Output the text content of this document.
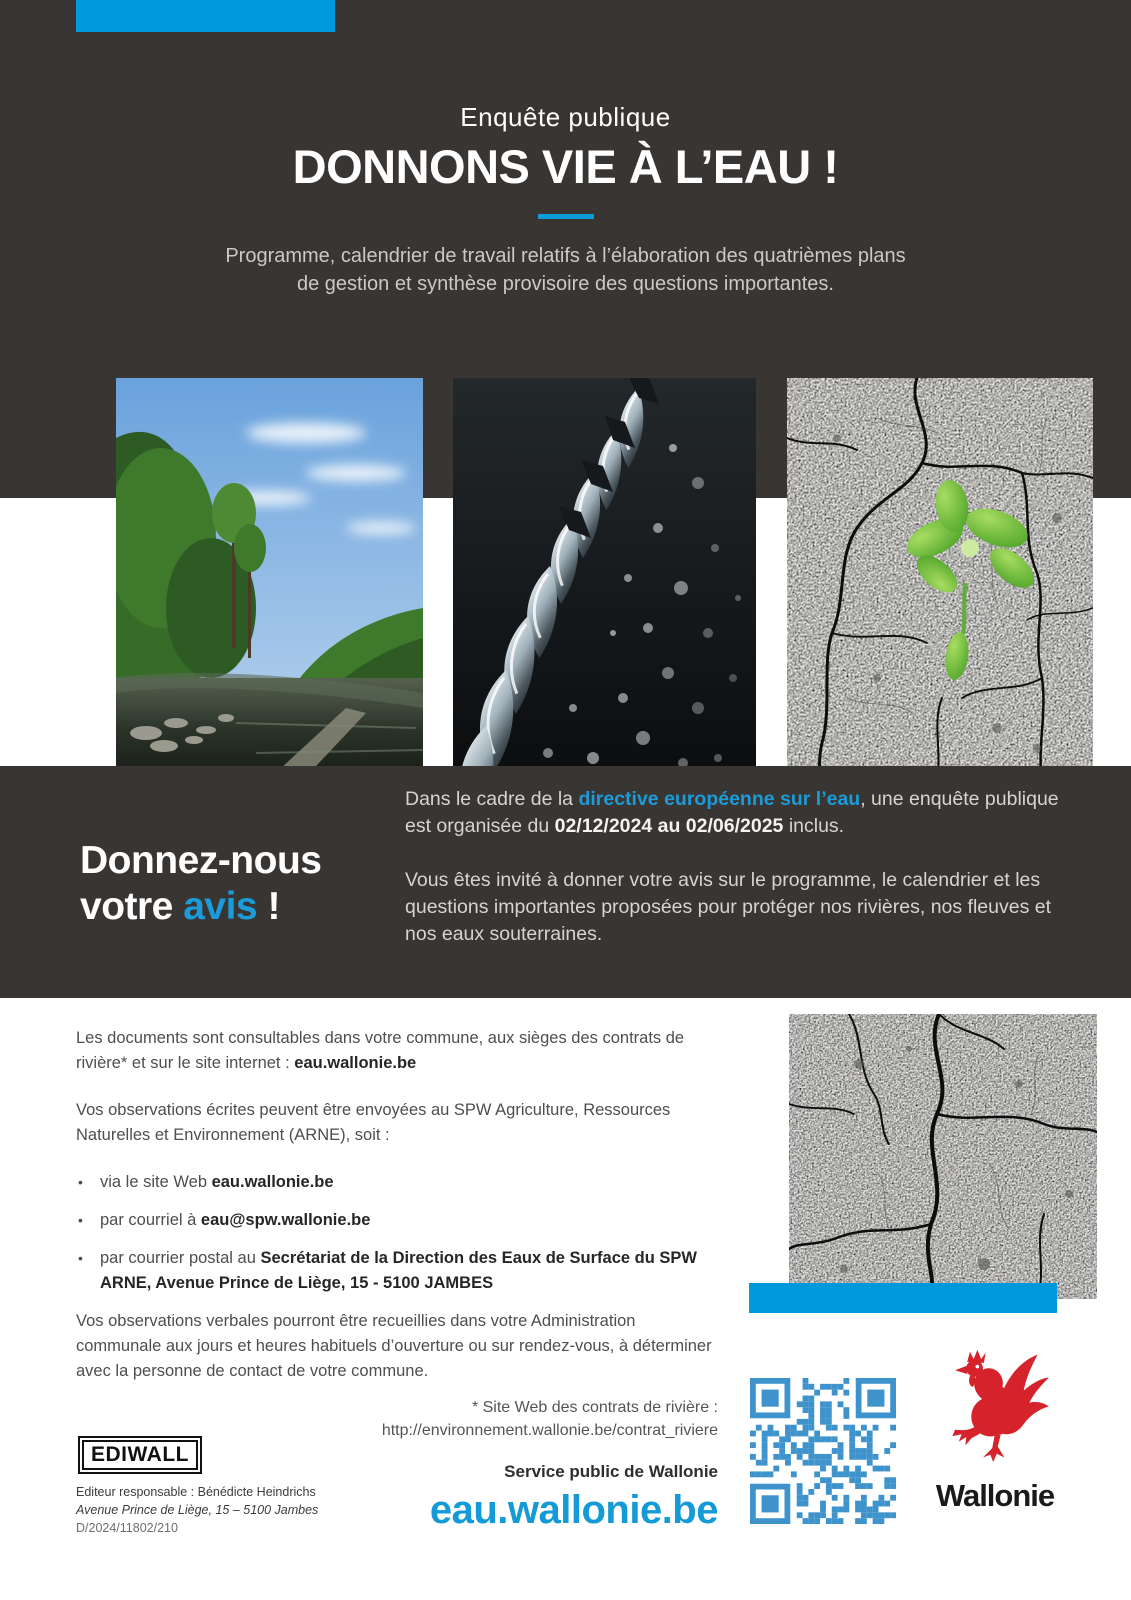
Enquête publique
DONNONS VIE À L’EAU !
Programme, calendrier de travail relatifs à l’élaboration des quatrièmes plans de gestion et synthèse provisoire des questions importantes.
Donnez-nous
votre avis !

Dans le cadre de la directive européenne sur l’eau, une enquête publique est organisée du 02/12/2024 au 02/06/2025 inclus.

Vous êtes invité à donner votre avis sur le programme, le calendrier et les questions importantes proposées pour protéger nos rivières, nos fleuves et nos eaux souterraines.

Les documents sont consultables dans votre commune, aux sièges des contrats de rivière* et sur le site internet : eau.wallonie.be

Vos observations écrites peuvent être envoyées au SPW Agriculture, Ressources Naturelles et Environnement (ARNE), soit :

• via le site Web eau.wallonie.be
• par courriel à eau@spw.wallonie.be
• par courrier postal au Secrétariat de la Direction des Eaux de Surface du SPW ARNE, Avenue Prince de Liège, 15 - 5100 JAMBES

Vos observations verbales pourront être recueillies dans votre Administration communale aux jours et heures habituels d’ouverture ou sur rendez-vous, à déterminer avec la personne de contact de votre commune.

EDIWALL
Editeur responsable : Bénédicte Heindrichs
Avenue Prince de Liège, 15 – 5100 Jambes
D/2024/11802/210

* Site Web des contrats de rivière :
http://environnement.wallonie.be/contrat_riviere

Service public de Wallonie

eau.wallonie.be	Wallonie
